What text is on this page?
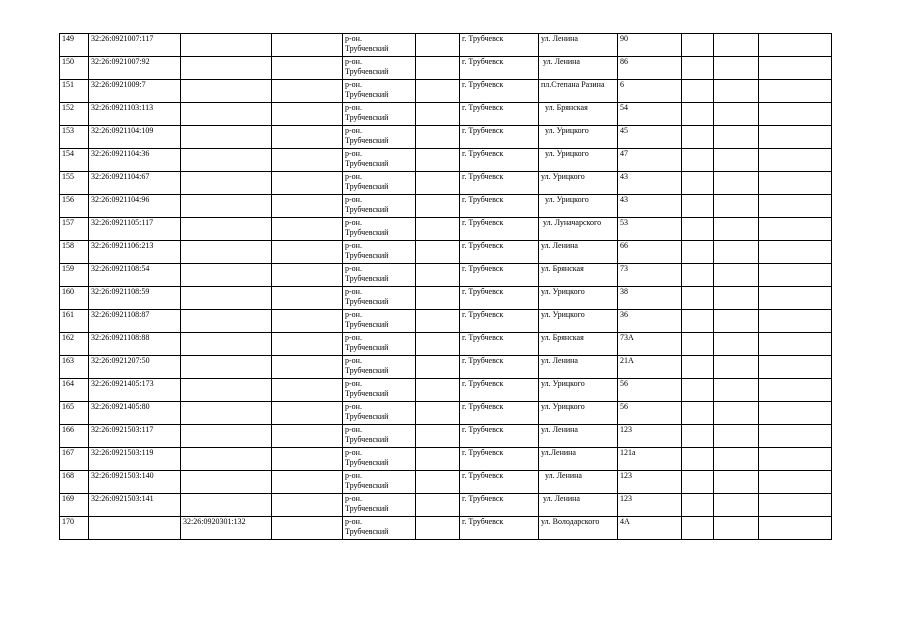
149	32:26:0921007:117			р-он.
Трубчевский		г. Трубчевск	ул. Ленина	90			
150	32:26:0921007:92			р-он.
Трубчевский		г. Трубчевск	ул. Ленина	86			
151	32:26:0921009:7			р-он.
Трубчевский		г. Трубчевск	пл.Степана Разина	6			
152	32:26:0921103:113			р-он.
Трубчевский		г. Трубчевск	ул. Брянская	54			
153	32:26:0921104:109			р-он.
Трубчевский		г. Трубчевск	ул. Урицкого	45			
154	32:26:0921104:36			р-он.
Трубчевский		г. Трубчевск	ул. Урицкого	47			
155	32:26:0921104:67			р-он.
Трубчевский		г. Трубчевск	ул. Урицкого	43			
156	32:26:0921104:96			р-он.
Трубчевский		г. Трубчевск	ул. Урицкого	43			
157	32:26:0921105:117			р-он.
Трубчевский		г. Трубчевск	ул. Луначарского	53			
158	32:26:0921106:213			р-он.
Трубчевский		г. Трубчевск	ул. Ленина	66			
159	32:26:0921108:54			р-он.
Трубчевский		г. Трубчевск	ул. Брянская	73			
160	32:26:0921108:59			р-он.
Трубчевский		г. Трубчевск	ул. Урицкого	38			
161	32:26:0921108:87			р-он.
Трубчевский		г. Трубчевск	ул. Урицкого	36			
162	32:26:0921108:88			р-он.
Трубчевский		г. Трубчевск	ул. Брянская	73А			
163	32:26:0921207:50			р-он.
Трубчевский		г. Трубчевск	ул. Ленина	21А			
164	32:26:0921405:173			р-он.
Трубчевский		г. Трубчевск	ул. Урицкого	56			
165	32:26:0921405:80			р-он.
Трубчевский		г. Трубчевск	ул. Урицкого	56			
166	32:26:0921503:117			р-он.
Трубчевский		г. Трубчевск	ул. Ленина	123			
167	32:26:0921503:119			р-он.
Трубчевский		г. Трубчевск	ул.Ленина	121а			
168	32:26:0921503:140			р-он.
Трубчевский		г. Трубчевск	ул. Ленина	123			
169	32:26:0921503:141			р-он.
Трубчевский		г. Трубчевск	ул. Ленина	123			
170		32:26:0920301:132		р-он.
Трубчевский		г. Трубчевск	ул. Володарского	4А			
